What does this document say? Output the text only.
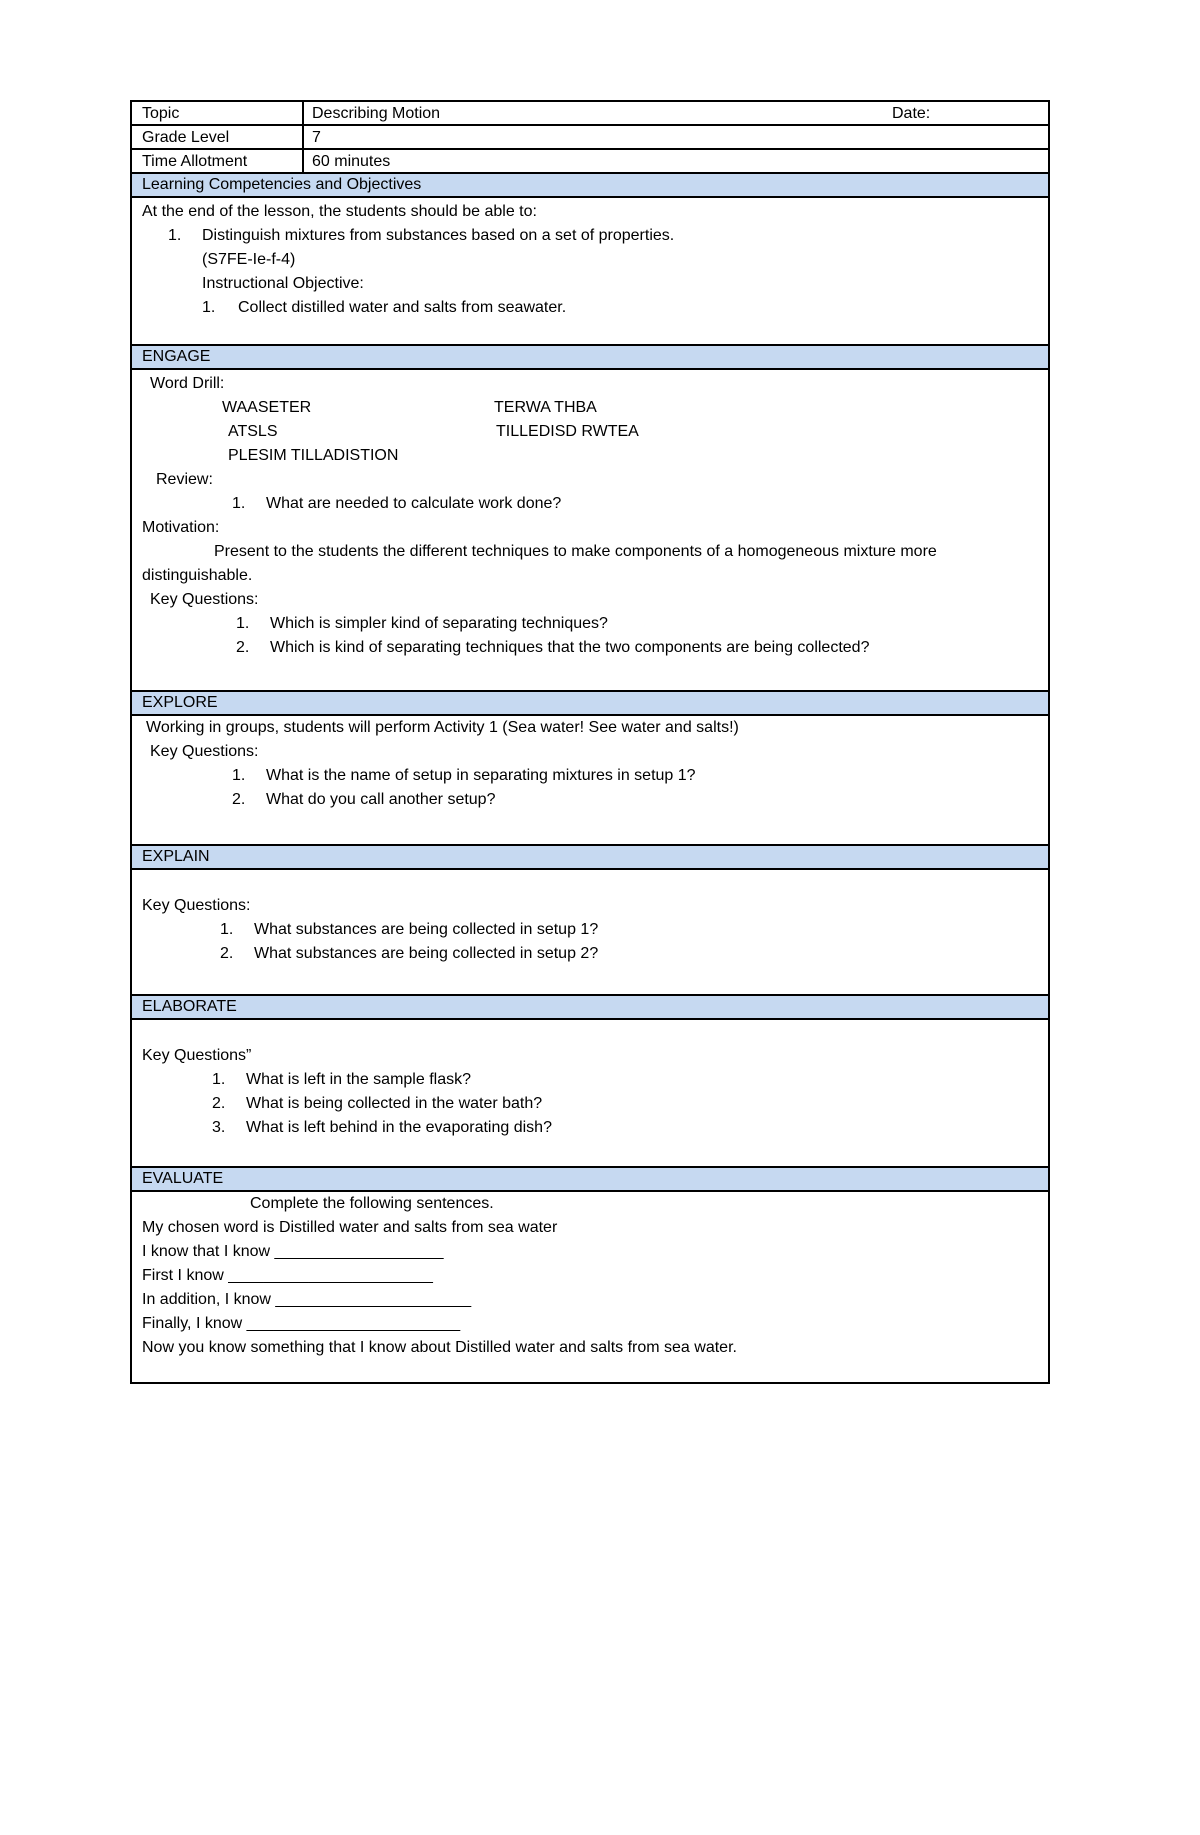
Topic	Describing Motion	Date:
Grade Level	7
Time Allotment	60 minutes
Learning Competencies and Objectives
At the end of the lesson, the students should be able to:
1. Distinguish mixtures from substances based on a set of properties.
(S7FE-Ie-f-4)
Instructional Objective:
1. Collect distilled water and salts from seawater.
ENGAGE
Word Drill:
WAASETER	TERWA THBA
ATSLS	TILLEDISD RWTEA
PLESIM TILLADISTION
Review:
1. What are needed to calculate work done?
Motivation:
Present to the students the different techniques to make components of a homogeneous mixture more
distinguishable.
Key Questions:
1. Which is simpler kind of separating techniques?
2. Which is kind of separating techniques that the two components are being collected?
EXPLORE
Working in groups, students will perform Activity 1 (Sea water! See water and salts!)
Key Questions:
1. What is the name of setup in separating mixtures in setup 1?
2. What do you call another setup?
EXPLAIN
Key Questions:
1. What substances are being collected in setup 1?
2. What substances are being collected in setup 2?
ELABORATE
Key Questions”
1. What is left in the sample flask?
2. What is being collected in the water bath?
3. What is left behind in the evaporating dish?
EVALUATE
Complete the following sentences.
My chosen word is Distilled water and salts from sea water
I know that I know ___________________
First I know _______________________
In addition, I know ______________________
Finally, I know ________________________
Now you know something that I know about Distilled water and salts from sea water.
